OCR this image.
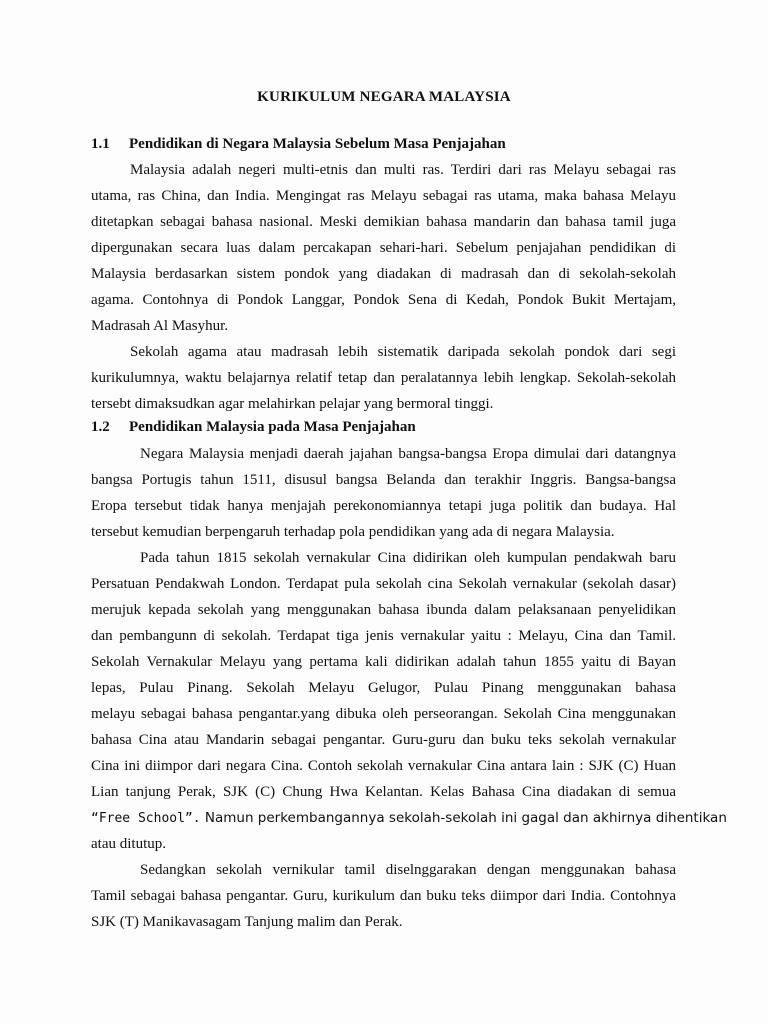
KURIKULUM NEGARA MALAYSIA
1.1 Pendidikan di Negara Malaysia Sebelum Masa Penjajahan
Malaysia adalah negeri multi-etnis dan multi ras. Terdiri dari ras Melayu sebagai ras
utama, ras China, dan India. Mengingat ras Melayu sebagai ras utama, maka bahasa Melayu
ditetapkan sebagai bahasa nasional. Meski demikian bahasa mandarin dan bahasa tamil juga
dipergunakan secara luas dalam percakapan sehari-hari. Sebelum penjajahan pendidikan di
Malaysia berdasarkan sistem pondok yang diadakan di madrasah dan di sekolah-sekolah
agama. Contohnya di Pondok Langgar, Pondok Sena di Kedah, Pondok Bukit Mertajam,
Madrasah Al Masyhur.
Sekolah agama atau madrasah lebih sistematik daripada sekolah pondok dari segi
kurikulumnya, waktu belajarnya relatif tetap dan peralatannya lebih lengkap. Sekolah-sekolah
tersebt dimaksudkan agar melahirkan pelajar yang bermoral tinggi.
1.2 Pendidikan Malaysia pada Masa Penjajahan
Negara Malaysia menjadi daerah jajahan bangsa-bangsa Eropa dimulai dari datangnya
bangsa Portugis tahun 1511, disusul bangsa Belanda dan terakhir Inggris. Bangsa-bangsa
Eropa tersebut tidak hanya menjajah perekonomiannya tetapi juga politik dan budaya. Hal
tersebut kemudian berpengaruh terhadap pola pendidikan yang ada di negara Malaysia.
Pada tahun 1815 sekolah vernakular Cina didirikan oleh kumpulan pendakwah baru
Persatuan Pendakwah London. Terdapat pula sekolah cina Sekolah vernakular (sekolah dasar)
merujuk kepada sekolah yang menggunakan bahasa ibunda dalam pelaksanaan penyelidikan
dan pembangunn di sekolah. Terdapat tiga jenis vernakular yaitu : Melayu, Cina dan Tamil.
Sekolah Vernakular Melayu yang pertama kali didirikan adalah tahun 1855 yaitu di Bayan
lepas, Pulau Pinang. Sekolah Melayu Gelugor, Pulau Pinang menggunakan bahasa
melayu sebagai bahasa pengantar.yang dibuka oleh perseorangan. Sekolah Cina menggunakan
bahasa Cina atau Mandarin sebagai pengantar. Guru-guru dan buku teks sekolah vernakular
Cina ini diimpor dari negara Cina. Contoh sekolah vernakular Cina antara lain : SJK (C) Huan
Lian tanjung Perak, SJK (C) Chung Hwa Kelantan. Kelas Bahasa Cina diadakan di semua
“Free School”. Namun perkembangannya sekolah-sekolah ini gagal dan akhirnya dihentikan
atau ditutup.
Sedangkan sekolah vernikular tamil diselnggarakan dengan menggunakan bahasa
Tamil sebagai bahasa pengantar. Guru, kurikulum dan buku teks diimpor dari India. Contohnya
SJK (T) Manikavasagam Tanjung malim dan Perak.
